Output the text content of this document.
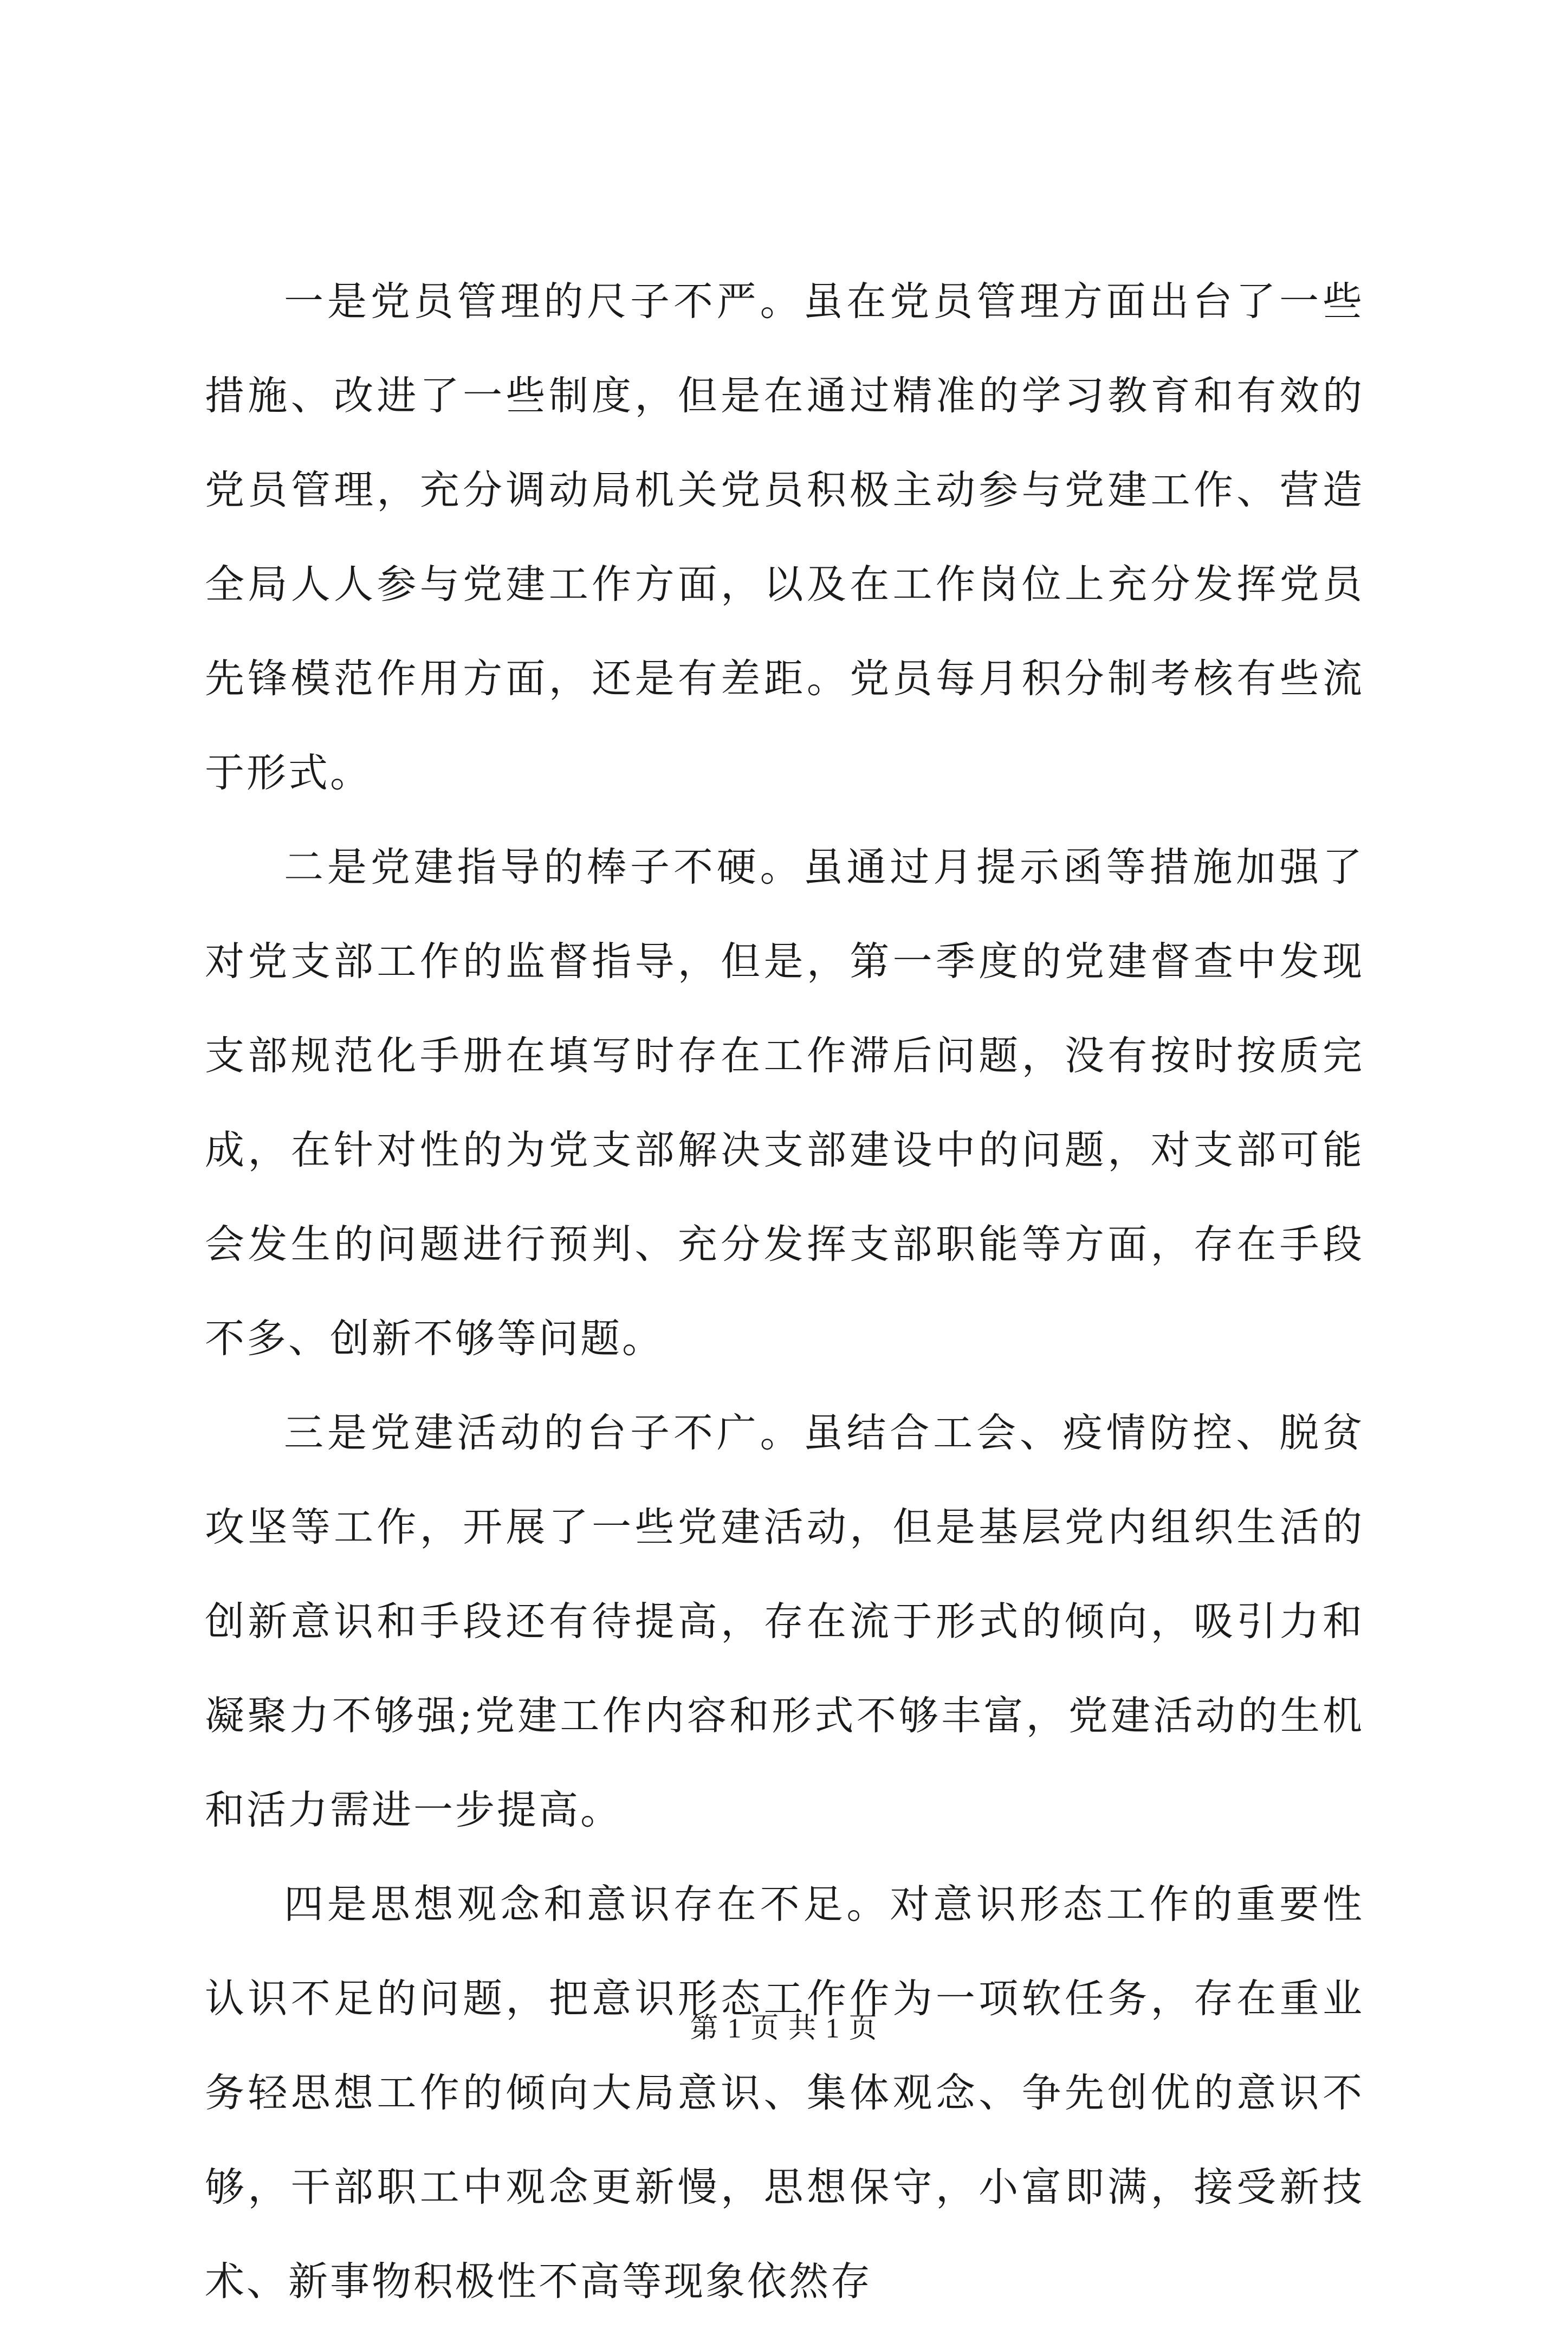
一是党员管理的尺子不严。虽在党员管理方面出台了一些措施、改进了一些制度，但是在通过精准的学习教育和有效的党员管理，充分调动局机关党员积极主动参与党建工作、营造全局人人参与党建工作方面，以及在工作岗位上充分发挥党员先锋模范作用方面，还是有差距。党员每月积分制考核有些流于形式。

二是党建指导的棒子不硬。虽通过月提示函等措施加强了对党支部工作的监督指导，但是，第一季度的党建督查中发现支部规范化手册在填写时存在工作滞后问题，没有按时按质完成，在针对性的为党支部解决支部建设中的问题，对支部可能会发生的问题进行预判、充分发挥支部职能等方面，存在手段不多、创新不够等问题。

三是党建活动的台子不广。虽结合工会、疫情防控、脱贫攻坚等工作，开展了一些党建活动，但是基层党内组织生活的创新意识和手段还有待提高，存在流于形式的倾向，吸引力和凝聚力不够强;党建工作内容和形式不够丰富，党建活动的生机和活力需进一步提高。

四是思想观念和意识存在不足。对意识形态工作的重要性认识不足的问题，把意识形态工作作为一项软任务，存在重业务轻思想工作的倾向大局意识、集体观念、争先创优的意识不够，干部职工中观念更新慢，思想保守，小富即满，接受新技术、新事物积极性不高等现象依然存

第 1 页 共 1 页
